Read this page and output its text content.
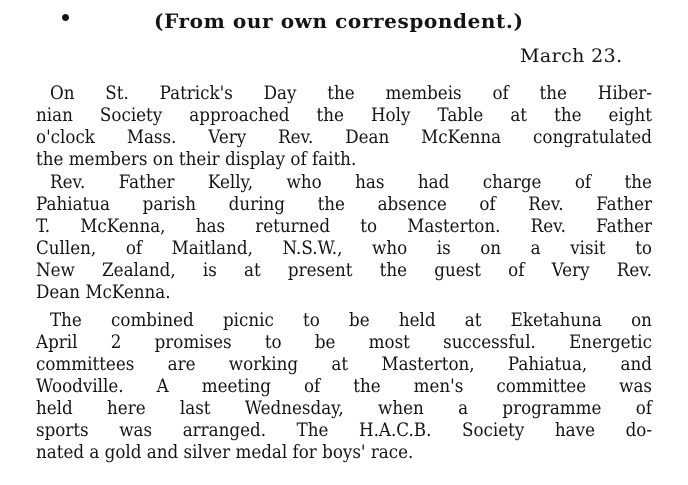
(From our own correspondent.)
March 23.
On St. Patrick's Day the membeis of the Hiber-
nian Society approached the Holy Table at the eight
o'clock Mass. Very Rev. Dean McKenna congratulated
the members on their display of faith.
Rev. Father Kelly, who has had charge of the
Pahiatua parish during the absence of Rev. Father
T. McKenna, has returned to Masterton. Rev. Father
Cullen, of Maitland, N.S.W., who is on a visit to
New Zealand, is at present the guest of Very Rev.
Dean McKenna.
The combined picnic to be held at Eketahuna on
April 2 promises to be most successful. Energetic
committees are working at Masterton, Pahiatua, and
Woodville. A meeting of the men's committee was
held here last Wednesday, when a programme of
sports was arranged. The H.A.C.B. Society have do-
nated a gold and silver medal for boys' race.
